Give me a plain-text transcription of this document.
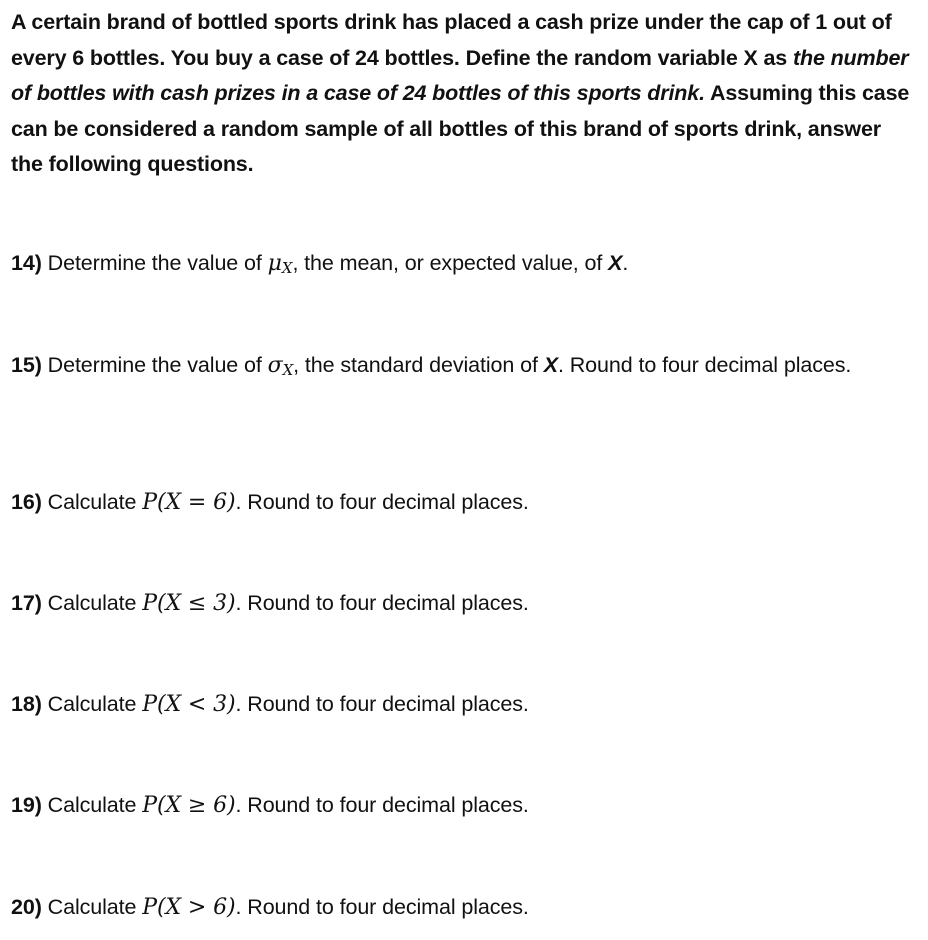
A certain brand of bottled sports drink has placed a cash prize under the cap of 1 out of every 6 bottles. You buy a case of 24 bottles. Define the random variable X as the number of bottles with cash prizes in a case of 24 bottles of this sports drink. Assuming this case can be considered a random sample of all bottles of this brand of sports drink, answer the following questions.
14) Determine the value of $\mu_X$, the mean, or expected value, of X.
15) Determine the value of $\sigma_X$, the standard deviation of X. Round to four decimal places.
16) Calculate P(X = 6). Round to four decimal places.
17) Calculate P(X ≤ 3). Round to four decimal places.
18) Calculate P(X < 3). Round to four decimal places.
19) Calculate P(X ≥ 6). Round to four decimal places.
20) Calculate P(X > 6). Round to four decimal places.
